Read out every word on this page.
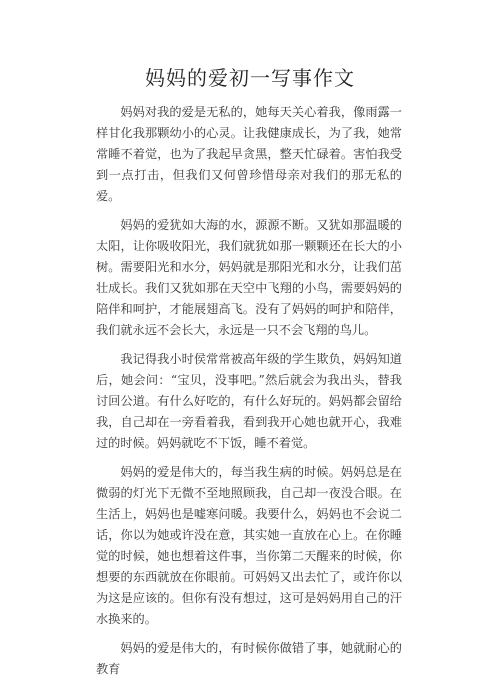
妈妈的爱初一写事作文

妈妈对我的爱是无私的，她每天关心着我，像雨露一样甘化我那颗幼小的心灵。让我健康成长，为了我，她常常睡不着觉，也为了我起早贪黑，整天忙碌着。害怕我受到一点打击，但我们又何曾珍惜母亲对我们的那无私的爱。

妈妈的爱犹如大海的水，源源不断。又犹如那温暖的太阳，让你吸收阳光，我们就犹如那一颗颗还在长大的小树。需要阳光和水分，妈妈就是那阳光和水分，让我们茁壮成长。我们又犹如那在天空中飞翔的小鸟，需要妈妈的陪伴和呵护，才能展翅高飞。没有了妈妈的呵护和陪伴，我们就永远不会长大，永远是一只不会飞翔的鸟儿。

我记得我小时侯常常被高年级的学生欺负，妈妈知道后，她会问：“宝贝，没事吧。”然后就会为我出头，替我讨回公道。有什么好吃的，有什么好玩的。妈妈都会留给我，自己却在一旁看着我，看到我开心她也就开心，我难过的时候。妈妈就吃不下饭，睡不着觉。

妈妈的爱是伟大的，每当我生病的时候。妈妈总是在微弱的灯光下无微不至地照顾我，自己却一夜没合眼。在生活上，妈妈也是嘘寒问暖。我要什么，妈妈也不会说二话，你以为她或许没在意，其实她一直放在心上。在你睡觉的时候，她也想着这件事，当你第二天醒来的时候，你想要的东西就放在你眼前。可妈妈又出去忙了，或许你以为这是应该的。但你有没有想过，这可是妈妈用自己的汗水换来的。

妈妈的爱是伟大的，有时候你做错了事，她就耐心的教育
